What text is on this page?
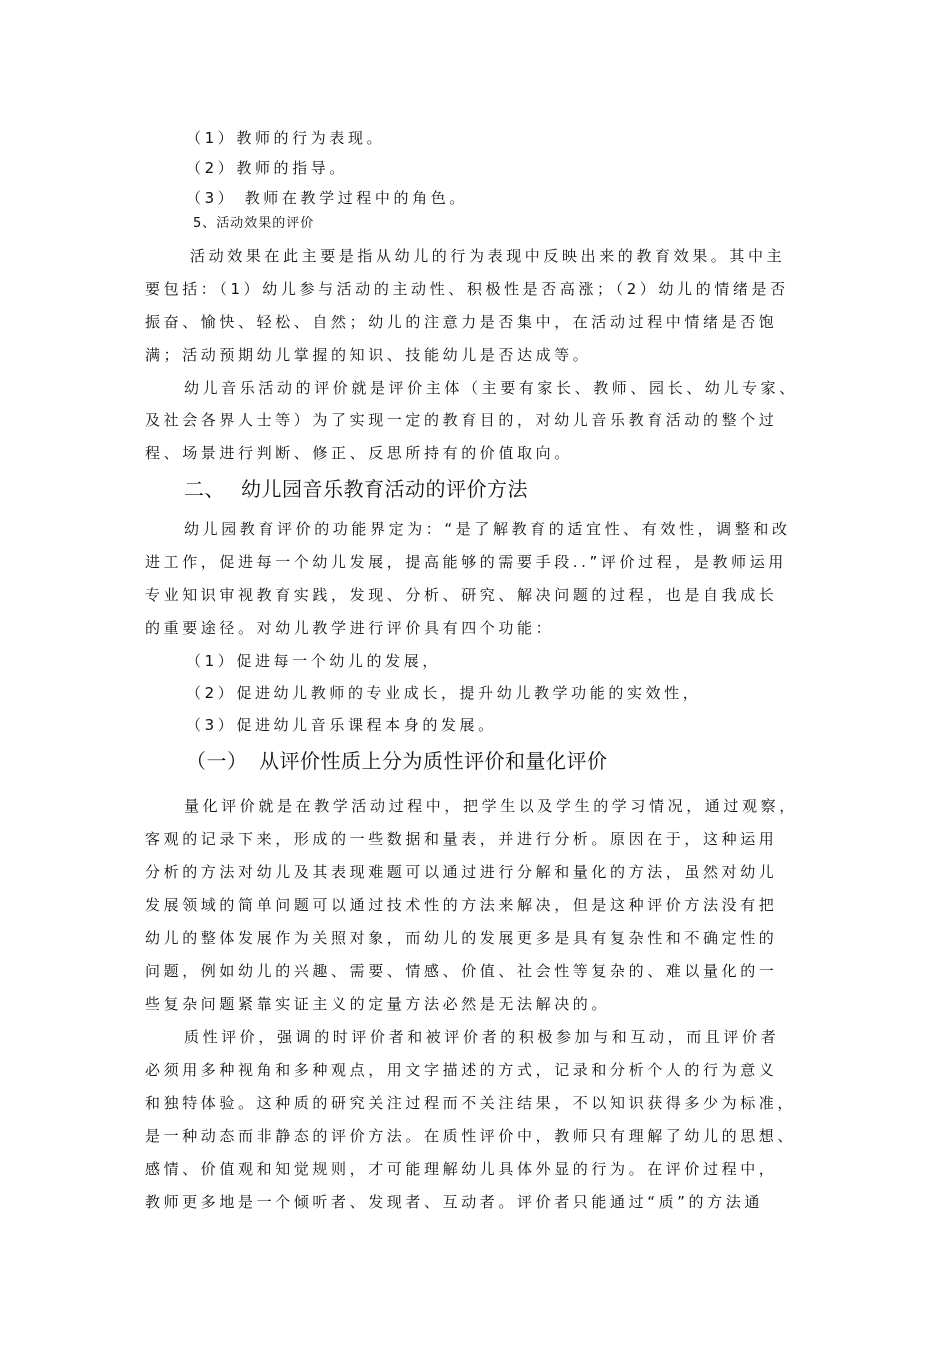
（1）教师的行为表现。
（2）教师的指导。
（3） 教师在教学过程中的角色。
5、活动效果的评价
活动效果在此主要是指从幼儿的行为表现中反映出来的教育效果。其中主
要包括：（1）幼儿参与活动的主动性、积极性是否高涨；（2）幼儿的情绪是否
振奋、愉快、轻松、自然；幼儿的注意力是否集中，在活动过程中情绪是否饱
满；活动预期幼儿掌握的知识、技能幼儿是否达成等。
幼儿音乐活动的评价就是评价主体（主要有家长、教师、园长、幼儿专家、
及社会各界人士等）为了实现一定的教育目的，对幼儿音乐教育活动的整个过
程、场景进行判断、修正、反思所持有的价值取向。
二、 幼儿园音乐教育活动的评价方法
幼儿园教育评价的功能界定为：“是了解教育的适宜性、有效性，调整和改
进工作，促进每一个幼儿发展，提高能够的需要手段..”评价过程，是教师运用
专业知识审视教育实践，发现、分析、研究、解决问题的过程，也是自我成长
的重要途径。对幼儿教学进行评价具有四个功能：
（1）促进每一个幼儿的发展，
（2）促进幼儿教师的专业成长，提升幼儿教学功能的实效性，
（3）促进幼儿音乐课程本身的发展。
（一） 从评价性质上分为质性评价和量化评价
量化评价就是在教学活动过程中，把学生以及学生的学习情况，通过观察，
客观的记录下来，形成的一些数据和量表，并进行分析。原因在于，这种运用
分析的方法对幼儿及其表现难题可以通过进行分解和量化的方法，虽然对幼儿
发展领域的简单问题可以通过技术性的方法来解决，但是这种评价方法没有把
幼儿的整体发展作为关照对象，而幼儿的发展更多是具有复杂性和不确定性的
问题，例如幼儿的兴趣、需要、情感、价值、社会性等复杂的、难以量化的一
些复杂问题紧靠实证主义的定量方法必然是无法解决的。
质性评价，强调的时评价者和被评价者的积极参加与和互动，而且评价者
必须用多种视角和多种观点，用文字描述的方式，记录和分析个人的行为意义
和独特体验。这种质的研究关注过程而不关注结果，不以知识获得多少为标准，
是一种动态而非静态的评价方法。在质性评价中，教师只有理解了幼儿的思想、
感情、价值观和知觉规则，才可能理解幼儿具体外显的行为。在评价过程中，
教师更多地是一个倾听者、发现者、互动者。评价者只能通过“质”的方法通
